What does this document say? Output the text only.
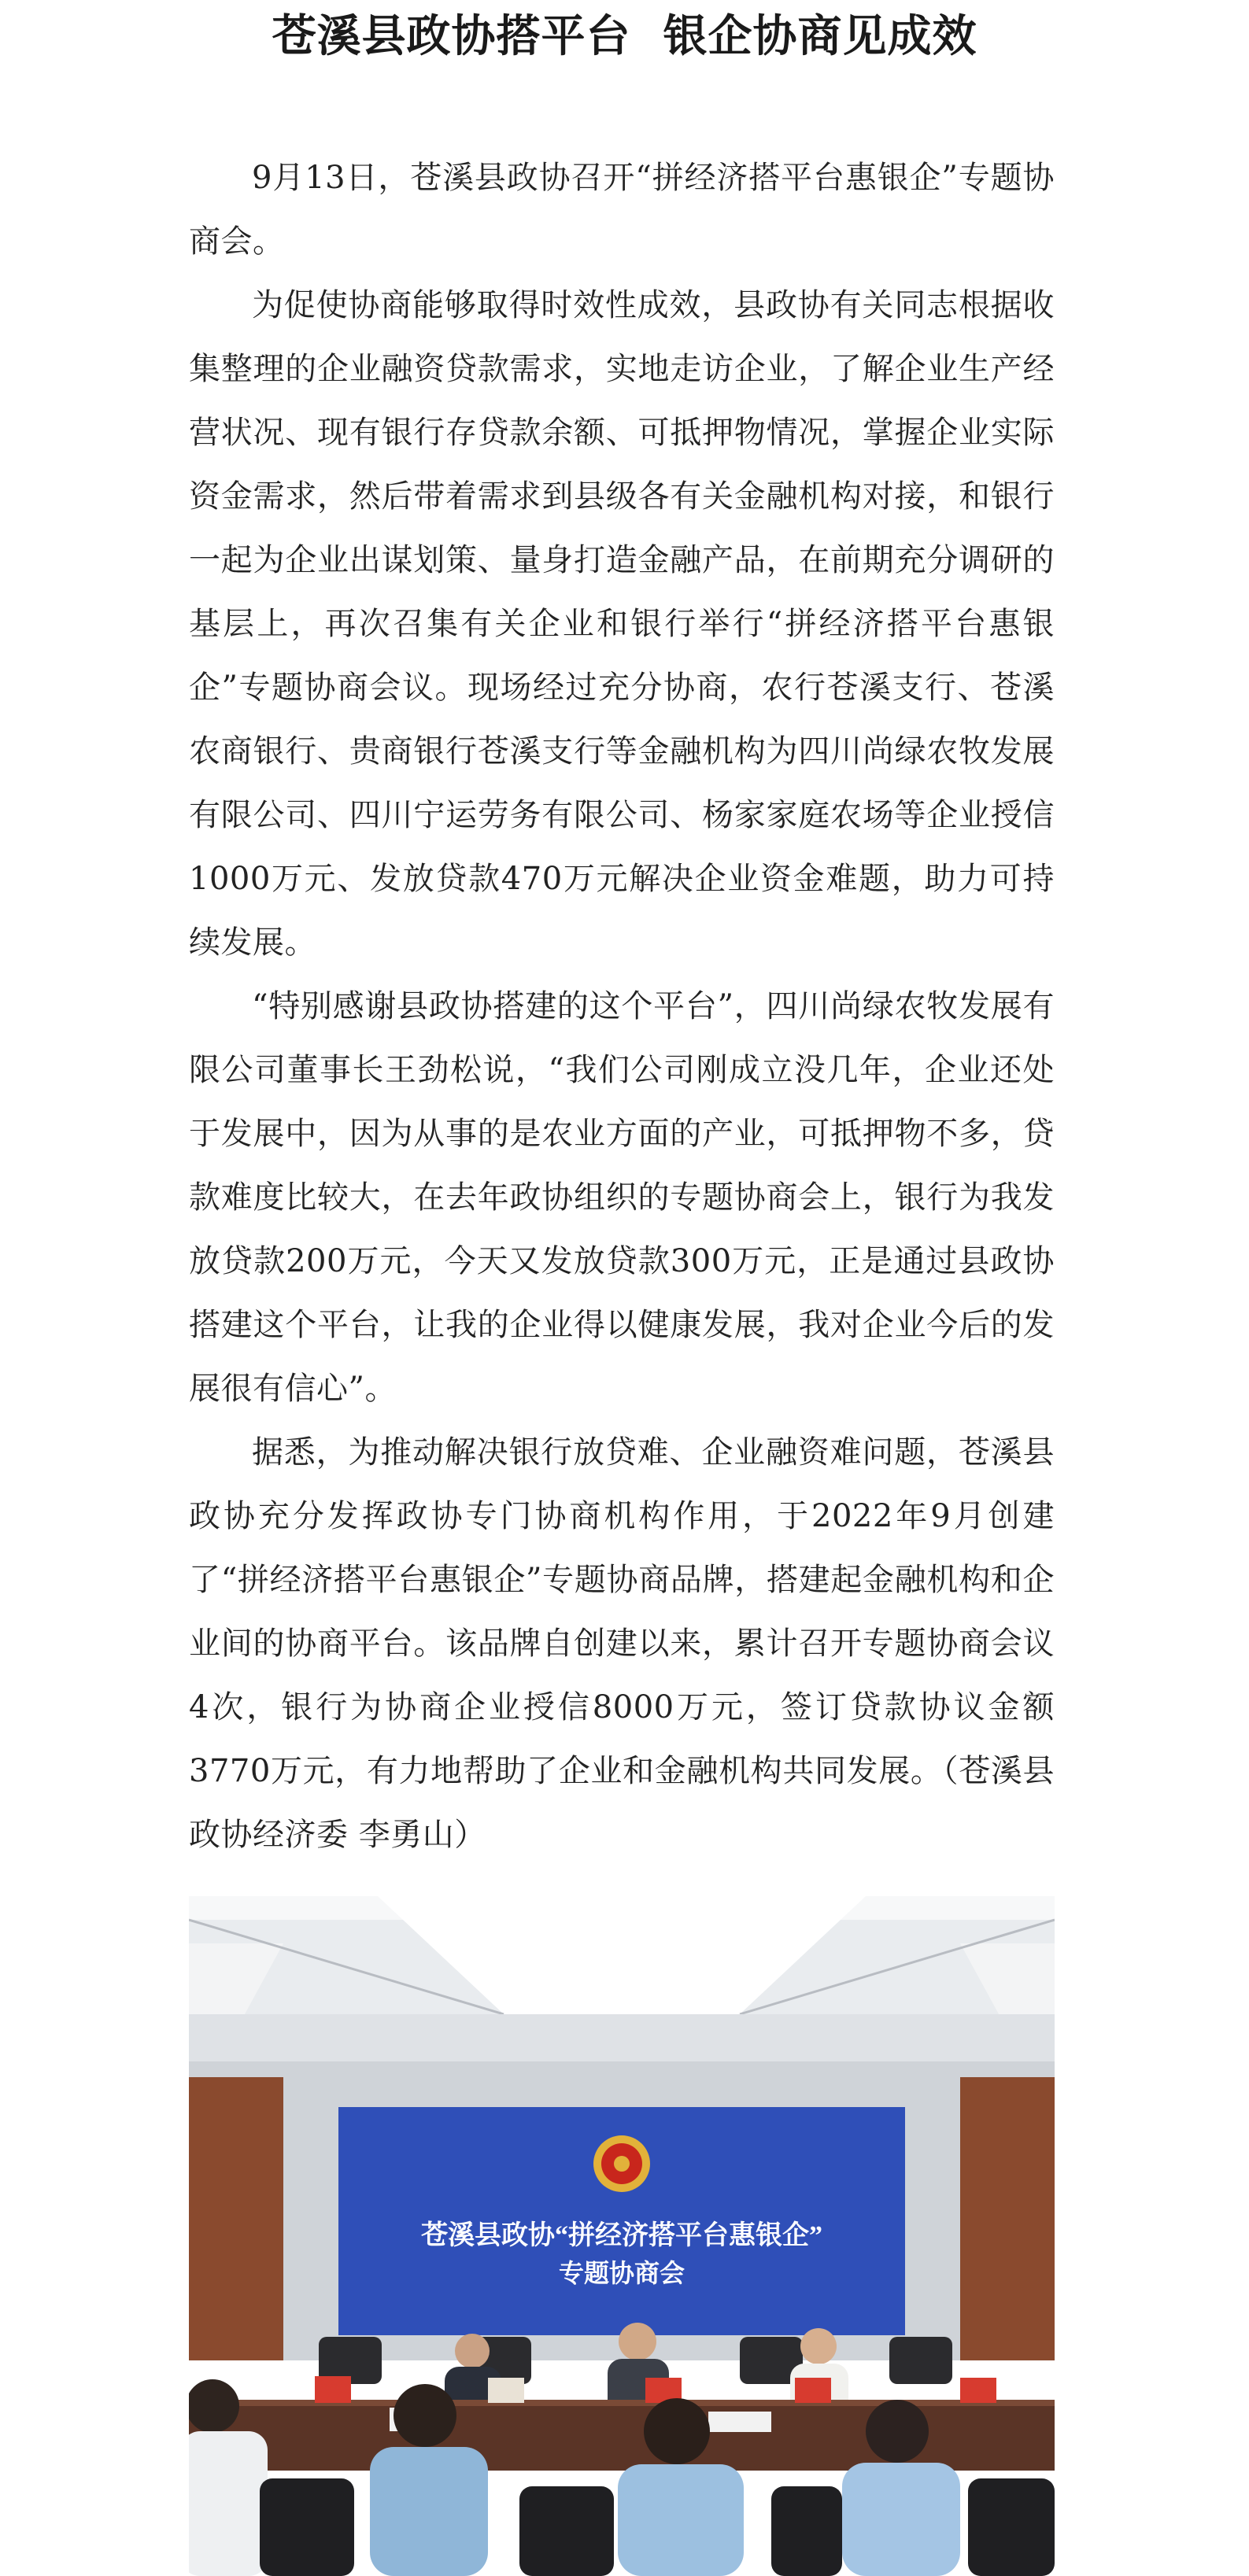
苍溪县政协搭平台  银企协商见成效

9月13日，苍溪县政协召开“拼经济搭平台惠银企”专题协商会。

为促使协商能够取得时效性成效，县政协有关同志根据收集整理的企业融资贷款需求，实地走访企业，了解企业生产经营状况、现有银行存贷款余额、可抵押物情况，掌握企业实际资金需求，然后带着需求到县级各有关金融机构对接，和银行一起为企业出谋划策、量身打造金融产品，在前期充分调研的基层上，再次召集有关企业和银行举行“拼经济搭平台惠银企”专题协商会议。现场经过充分协商，农行苍溪支行、苍溪农商银行、贵商银行苍溪支行等金融机构为四川尚绿农牧发展有限公司、四川宁运劳务有限公司、杨家家庭农场等企业授信1000万元、发放贷款470万元解决企业资金难题，助力可持续发展。

“特别感谢县政协搭建的这个平台”，四川尚绿农牧发展有限公司董事长王劲松说，“我们公司刚成立没几年，企业还处于发展中，因为从事的是农业方面的产业，可抵押物不多，贷款难度比较大，在去年政协组织的专题协商会上，银行为我发放贷款200万元，今天又发放贷款300万元，正是通过县政协搭建这个平台，让我的企业得以健康发展，我对企业今后的发展很有信心”。

据悉，为推动解决银行放贷难、企业融资难问题，苍溪县政协充分发挥政协专门协商机构作用，于2022年9月创建了“拼经济搭平台惠银企”专题协商品牌，搭建起金融机构和企业间的协商平台。该品牌自创建以来，累计召开专题协商会议4次，银行为协商企业授信8000万元，签订贷款协议金额3770万元，有力地帮助了企业和金融机构共同发展。（苍溪县政协经济委 李勇山）

苍溪县政协“拼经济搭平台惠银企”
专题协商会
